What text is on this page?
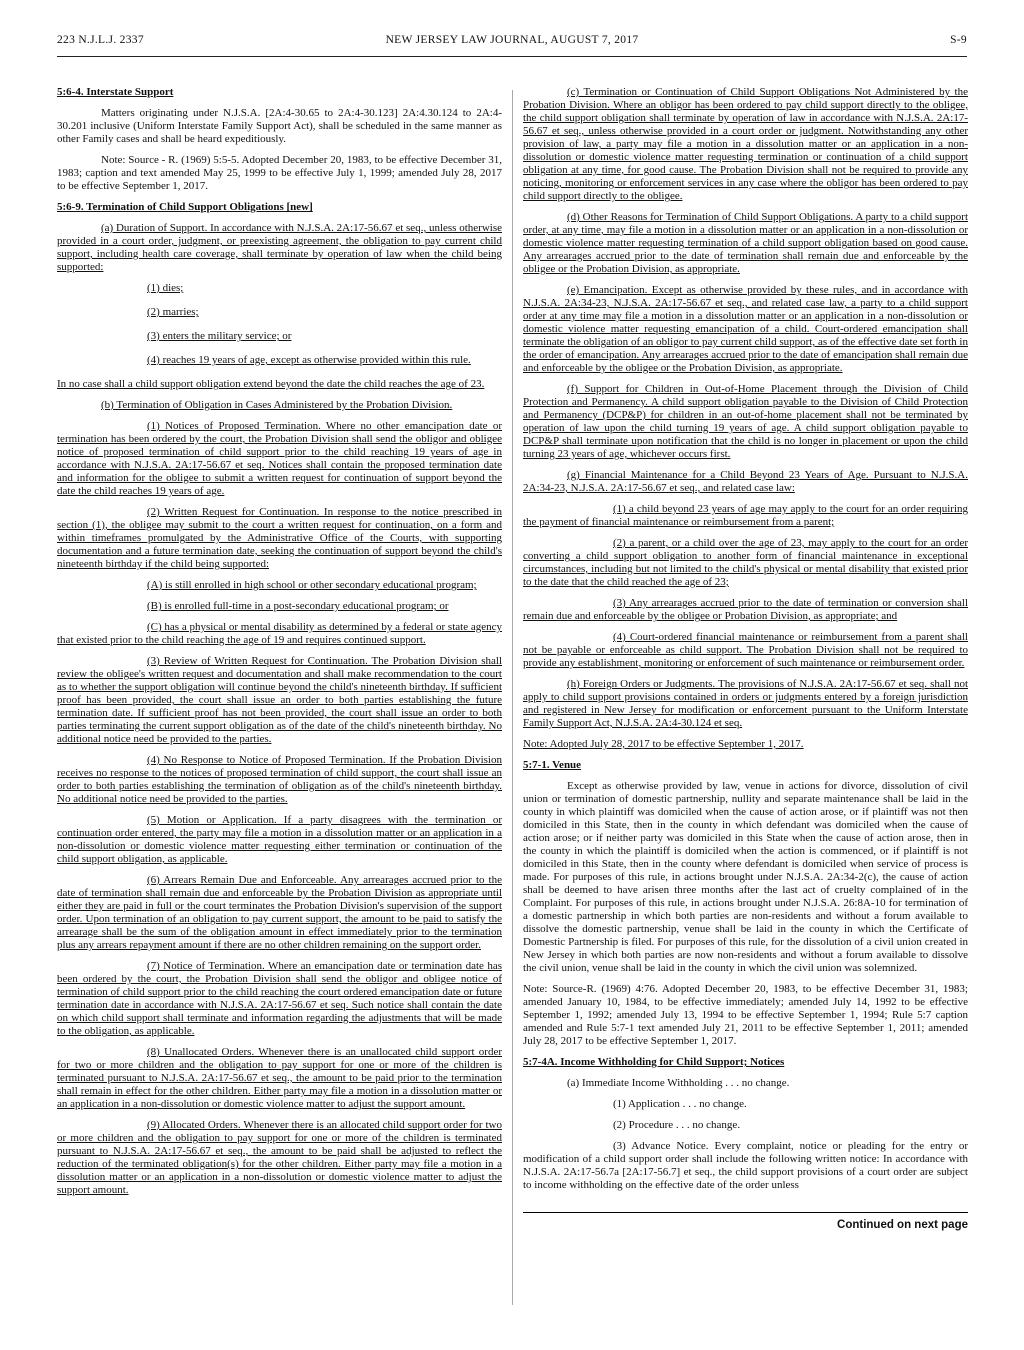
223 N.J.L.J. 2337	NEW JERSEY LAW JOURNAL, AUGUST 7, 2017	S-9

5:6-4. Interstate Support

Matters originating under N.J.S.A. [2A:4-30.65 to 2A:4-30.123] 2A:4.30.124 to 2A:4-30.201 inclusive (Uniform Interstate Family Support Act), shall be scheduled in the same manner as other Family cases and shall be heard expeditiously.

Note: Source - R. (1969) 5:5-5. Adopted December 20, 1983, to be effective December 31, 1983; caption and text amended May 25, 1999 to be effective July 1, 1999; amended July 28, 2017 to be effective September 1, 2017.

5:6-9. Termination of Child Support Obligations [new]

(a) Duration of Support. In accordance with N.J.S.A. 2A:17-56.67 et seq., unless otherwise provided in a court order, judgment, or preexisting agreement, the obligation to pay current child support, including health care coverage, shall terminate by operation of law when the child being supported:

(1) dies;

(2) marries;

(3) enters the military service; or

(4) reaches 19 years of age, except as otherwise provided within this rule.

In no case shall a child support obligation extend beyond the date the child reaches the age of 23.

(b) Termination of Obligation in Cases Administered by the Probation Division.

(1) Notices of Proposed Termination. Where no other emancipation date or termination has been ordered by the court, the Probation Division shall send the obligor and obligee notice of proposed termination of child support prior to the child reaching 19 years of age in accordance with N.J.S.A. 2A:17-56.67 et seq. Notices shall contain the proposed termination date and information for the obligee to submit a written request for continuation of support beyond the date the child reaches 19 years of age.

(2) Written Request for Continuation. In response to the notice prescribed in section (1), the obligee may submit to the court a written request for continuation, on a form and within timeframes promulgated by the Administrative Office of the Courts, with supporting documentation and a future termination date, seeking the continuation of support beyond the child's nineteenth birthday if the child being supported:

(A) is still enrolled in high school or other secondary educational program;

(B) is enrolled full-time in a post-secondary educational program; or

(C) has a physical or mental disability as determined by a federal or state agency that existed prior to the child reaching the age of 19 and requires continued support.

(3) Review of Written Request for Continuation. The Probation Division shall review the obligee's written request and documentation and shall make recommendation to the court as to whether the support obligation will continue beyond the child's nineteenth birthday. If sufficient proof has been provided, the court shall issue an order to both parties establishing the future termination date. If sufficient proof has not been provided, the court shall issue an order to both parties terminating the current support obligation as of the date of the child's nineteenth birthday. No additional notice need be provided to the parties.

(4) No Response to Notice of Proposed Termination. If the Probation Division receives no response to the notices of proposed termination of child support, the court shall issue an order to both parties establishing the termination of obligation as of the child's nineteenth birthday. No additional notice need be provided to the parties.

(5) Motion or Application. If a party disagrees with the termination or continuation order entered, the party may file a motion in a dissolution matter or an application in a non-dissolution or domestic violence matter requesting either termination or continuation of the child support obligation, as applicable.

(6) Arrears Remain Due and Enforceable. Any arrearages accrued prior to the date of termination shall remain due and enforceable by the Probation Division as appropriate until either they are paid in full or the court terminates the Probation Division's supervision of the support order. Upon termination of an obligation to pay current support, the amount to be paid to satisfy the arrearage shall be the sum of the obligation amount in effect immediately prior to the termination plus any arrears repayment amount if there are no other children remaining on the support order.

(7) Notice of Termination. Where an emancipation date or termination date has been ordered by the court, the Probation Division shall send the obligor and obligee notice of termination of child support prior to the child reaching the court ordered emancipation date or future termination date in accordance with N.J.S.A. 2A:17-56.67 et seq. Such notice shall contain the date on which child support shall terminate and information regarding the adjustments that will be made to the obligation, as applicable.

(8) Unallocated Orders. Whenever there is an unallocated child support order for two or more children and the obligation to pay support for one or more of the children is terminated pursuant to N.J.S.A. 2A:17-56.67 et seq., the amount to be paid prior to the termination shall remain in effect for the other children. Either party may file a motion in a dissolution matter or an application in a non-dissolution or domestic violence matter to adjust the support amount.

(9) Allocated Orders. Whenever there is an allocated child support order for two or more children and the obligation to pay support for one or more of the children is terminated pursuant to N.J.S.A. 2A:17-56.67 et seq., the amount to be paid shall be adjusted to reflect the reduction of the terminated obligation(s) for the other children. Either party may file a motion in a dissolution matter or an application in a non-dissolution or domestic violence matter to adjust the support amount.

(c) Termination or Continuation of Child Support Obligations Not Administered by the Probation Division. Where an obligor has been ordered to pay child support directly to the obligee, the child support obligation shall terminate by operation of law in accordance with N.J.S.A. 2A:17-56.67 et seq., unless otherwise provided in a court order or judgment. Notwithstanding any other provision of law, a party may file a motion in a dissolution matter or an application in a non-dissolution or domestic violence matter requesting termination or continuation of a child support obligation at any time, for good cause. The Probation Division shall not be required to provide any noticing, monitoring or enforcement services in any case where the obligor has been ordered to pay child support directly to the obligee.

(d) Other Reasons for Termination of Child Support Obligations. A party to a child support order, at any time, may file a motion in a dissolution matter or an application in a non-dissolution or domestic violence matter requesting termination of a child support obligation based on good cause. Any arrearages accrued prior to the date of termination shall remain due and enforceable by the obligee or the Probation Division, as appropriate.

(e) Emancipation. Except as otherwise provided by these rules, and in accordance with N.J.S.A. 2A:34-23, N.J.S.A. 2A:17-56.67 et seq., and related case law, a party to a child support order at any time may file a motion in a dissolution matter or an application in a non-dissolution or domestic violence matter requesting emancipation of a child. Court-ordered emancipation shall terminate the obligation of an obligor to pay current child support, as of the effective date set forth in the order of emancipation. Any arrearages accrued prior to the date of emancipation shall remain due and enforceable by the obligee or the Probation Division, as appropriate.

(f) Support for Children in Out-of-Home Placement through the Division of Child Protection and Permanency. A child support obligation payable to the Division of Child Protection and Permanency (DCP&P) for children in an out-of-home placement shall not be terminated by operation of law upon the child turning 19 years of age. A child support obligation payable to DCP&P shall terminate upon notification that the child is no longer in placement or upon the child turning 23 years of age, whichever occurs first.

(g) Financial Maintenance for a Child Beyond 23 Years of Age. Pursuant to N.J.S.A. 2A:34-23, N.J.S.A. 2A:17-56.67 et seq., and related case law:

(1) a child beyond 23 years of age may apply to the court for an order requiring the payment of financial maintenance or reimbursement from a parent;

(2) a parent, or a child over the age of 23, may apply to the court for an order converting a child support obligation to another form of financial maintenance in exceptional circumstances, including but not limited to the child's physical or mental disability that existed prior to the date that the child reached the age of 23;

(3) Any arrearages accrued prior to the date of termination or conversion shall remain due and enforceable by the obligee or Probation Division, as appropriate; and

(4) Court-ordered financial maintenance or reimbursement from a parent shall not be payable or enforceable as child support. The Probation Division shall not be required to provide any establishment, monitoring or enforcement of such maintenance or reimbursement order.

(h) Foreign Orders or Judgments. The provisions of N.J.S.A. 2A:17-56.67 et seq. shall not apply to child support provisions contained in orders or judgments entered by a foreign jurisdiction and registered in New Jersey for modification or enforcement pursuant to the Uniform Interstate Family Support Act, N.J.S.A. 2A:4-30.124 et seq.

Note: Adopted July 28, 2017 to be effective September 1, 2017.

5:7-1. Venue

Except as otherwise provided by law, venue in actions for divorce, dissolution of civil union or termination of domestic partnership, nullity and separate maintenance shall be laid in the county in which plaintiff was domiciled when the cause of action arose, or if plaintiff was not then domiciled in this State, then in the county in which defendant was domiciled when the cause of action arose; or if neither party was domiciled in this State when the cause of action arose, then in the county in which the plaintiff is domiciled when the action is commenced, or if plaintiff is not domiciled in this State, then in the county where defendant is domiciled when service of process is made. For purposes of this rule, in actions brought under N.J.S.A. 2A:34-2(c), the cause of action shall be deemed to have arisen three months after the last act of cruelty complained of in the Complaint. For purposes of this rule, in actions brought under N.J.S.A. 26:8A-10 for termination of a domestic partnership in which both parties are non-residents and without a forum available to dissolve the domestic partnership, venue shall be laid in the county in which the Certificate of Domestic Partnership is filed. For purposes of this rule, for the dissolution of a civil union created in New Jersey in which both parties are now non-residents and without a forum available to dissolve the civil union, venue shall be laid in the county in which the civil union was solemnized.

Note: Source-R. (1969) 4:76. Adopted December 20, 1983, to be effective December 31, 1983; amended January 10, 1984, to be effective immediately; amended July 14, 1992 to be effective September 1, 1992; amended July 13, 1994 to be effective September 1, 1994; Rule 5:7 caption amended and Rule 5:7-1 text amended July 21, 2011 to be effective September 1, 2011; amended July 28, 2017 to be effective September 1, 2017.

5:7-4A. Income Withholding for Child Support; Notices

(a) Immediate Income Withholding . . . no change.

(1) Application . . . no change.

(2) Procedure . . . no change.

(3) Advance Notice. Every complaint, notice or pleading for the entry or modification of a child support order shall include the following written notice: In accordance with N.J.S.A. 2A:17-56.7a [2A:17-56.7] et seq., the child support provisions of a court order are subject to income withholding on the effective date of the order unless

Continued on next page
